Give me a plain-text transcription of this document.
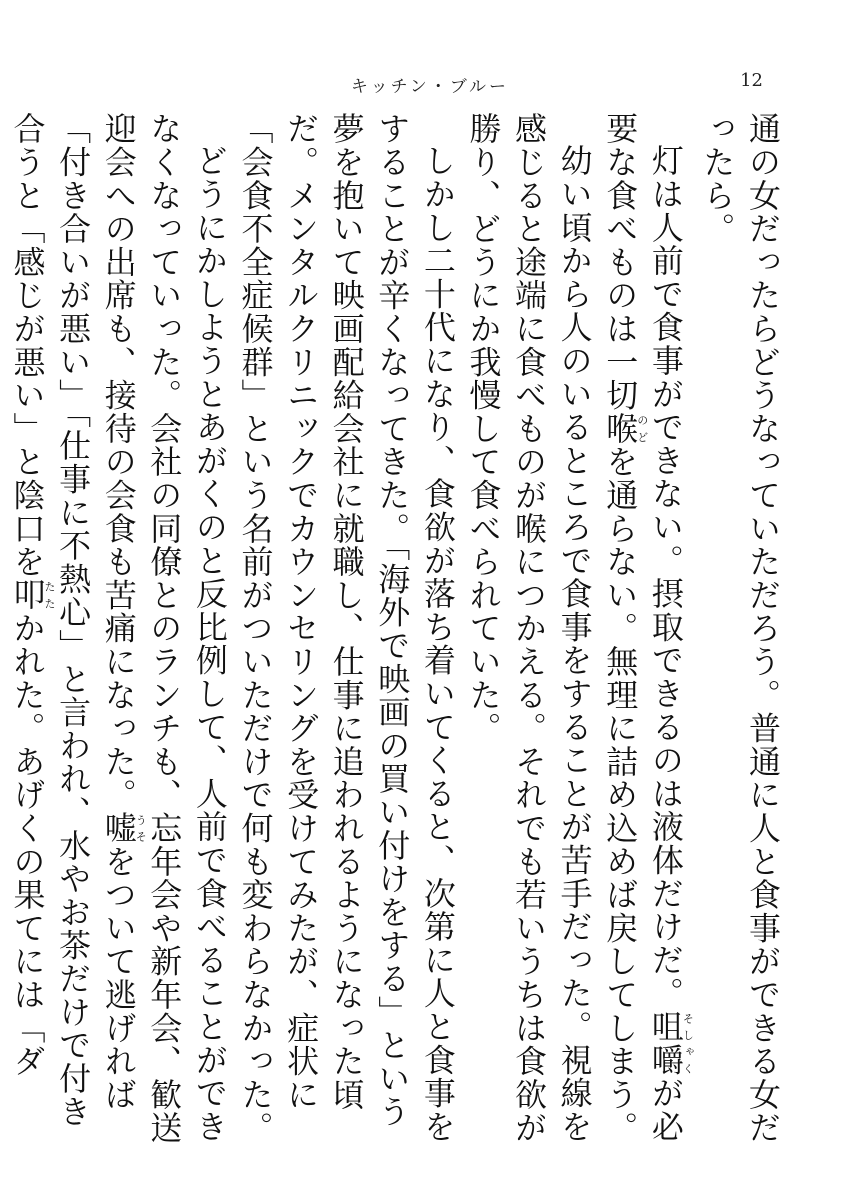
キッチン・ブルー	12

通の女だったらどうなっていただろう。普通に人と食事ができる女だったら。

灯は人前で食事ができない。摂取できるのは液体だけだ。咀嚼そしゃくが必要な食べものは一切喉のどを通らない。無理に詰め込めば戻してしまう。

幼い頃から人のいるところで食事をすることが苦手だった。視線を感じると途端に食べものが喉につかえる。それでも若いうちは食欲が勝り、どうにか我慢して食べられていた。

しかし二十代になり、食欲が落ち着いてくると、次第に人と食事をすることが辛くなってきた。「海外で映画の買い付けをする」という夢を抱いて映画配給会社に就職し、仕事に追われるようになった頃だ。メンタルクリニックでカウンセリングを受けてみたが、症状に「会食不全症候群」という名前がついただけで何も変わらなかった。

どうにかしようとあがくのと反比例して、人前で食べることができなくなっていった。会社の同僚とのランチも、忘年会や新年会、歓送迎会への出席も、接待の会食も苦痛になった。嘘うそをついて逃げれば「付き合いが悪い」「仕事に不熱心」と言われ、水やお茶だけで付き合うと「感じが悪い」と陰口を叩たたかれた。あげくの果てには「ダ
